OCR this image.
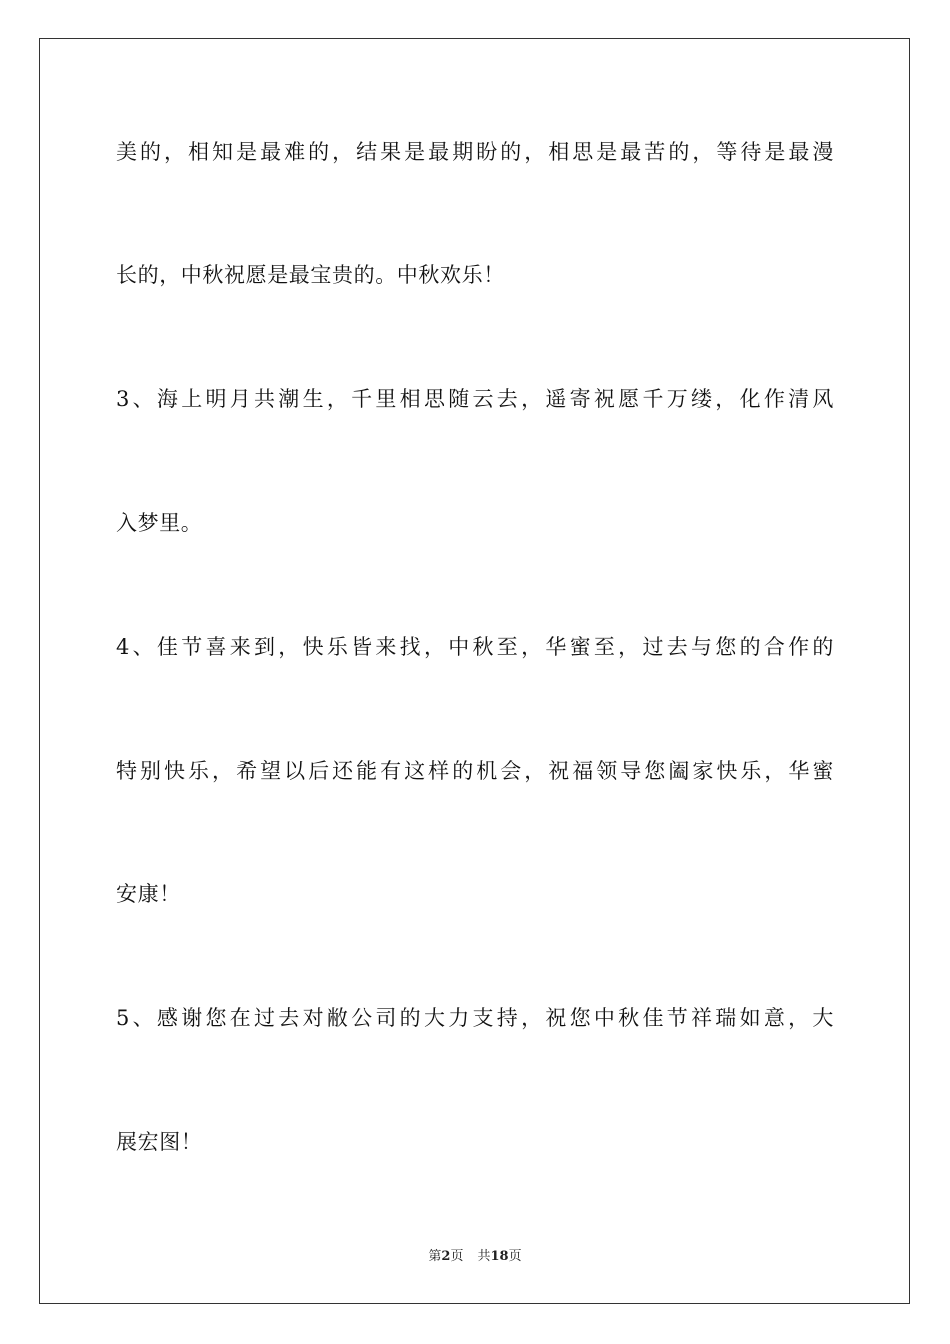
美的，相知是最难的，结果是最期盼的，相思是最苦的，等待是最漫
长的，中秋祝愿是最宝贵的。中秋欢乐！
3、海上明月共潮生，千里相思随云去，遥寄祝愿千万缕，化作清风
入梦里。
4、佳节喜来到，快乐皆来找，中秋至，华蜜至，过去与您的合作的
特别快乐，希望以后还能有这样的机会，祝福领导您阖家快乐，华蜜
安康！
5、感谢您在过去对敝公司的大力支持，祝您中秋佳节祥瑞如意，大
展宏图！
第2页 共18页
